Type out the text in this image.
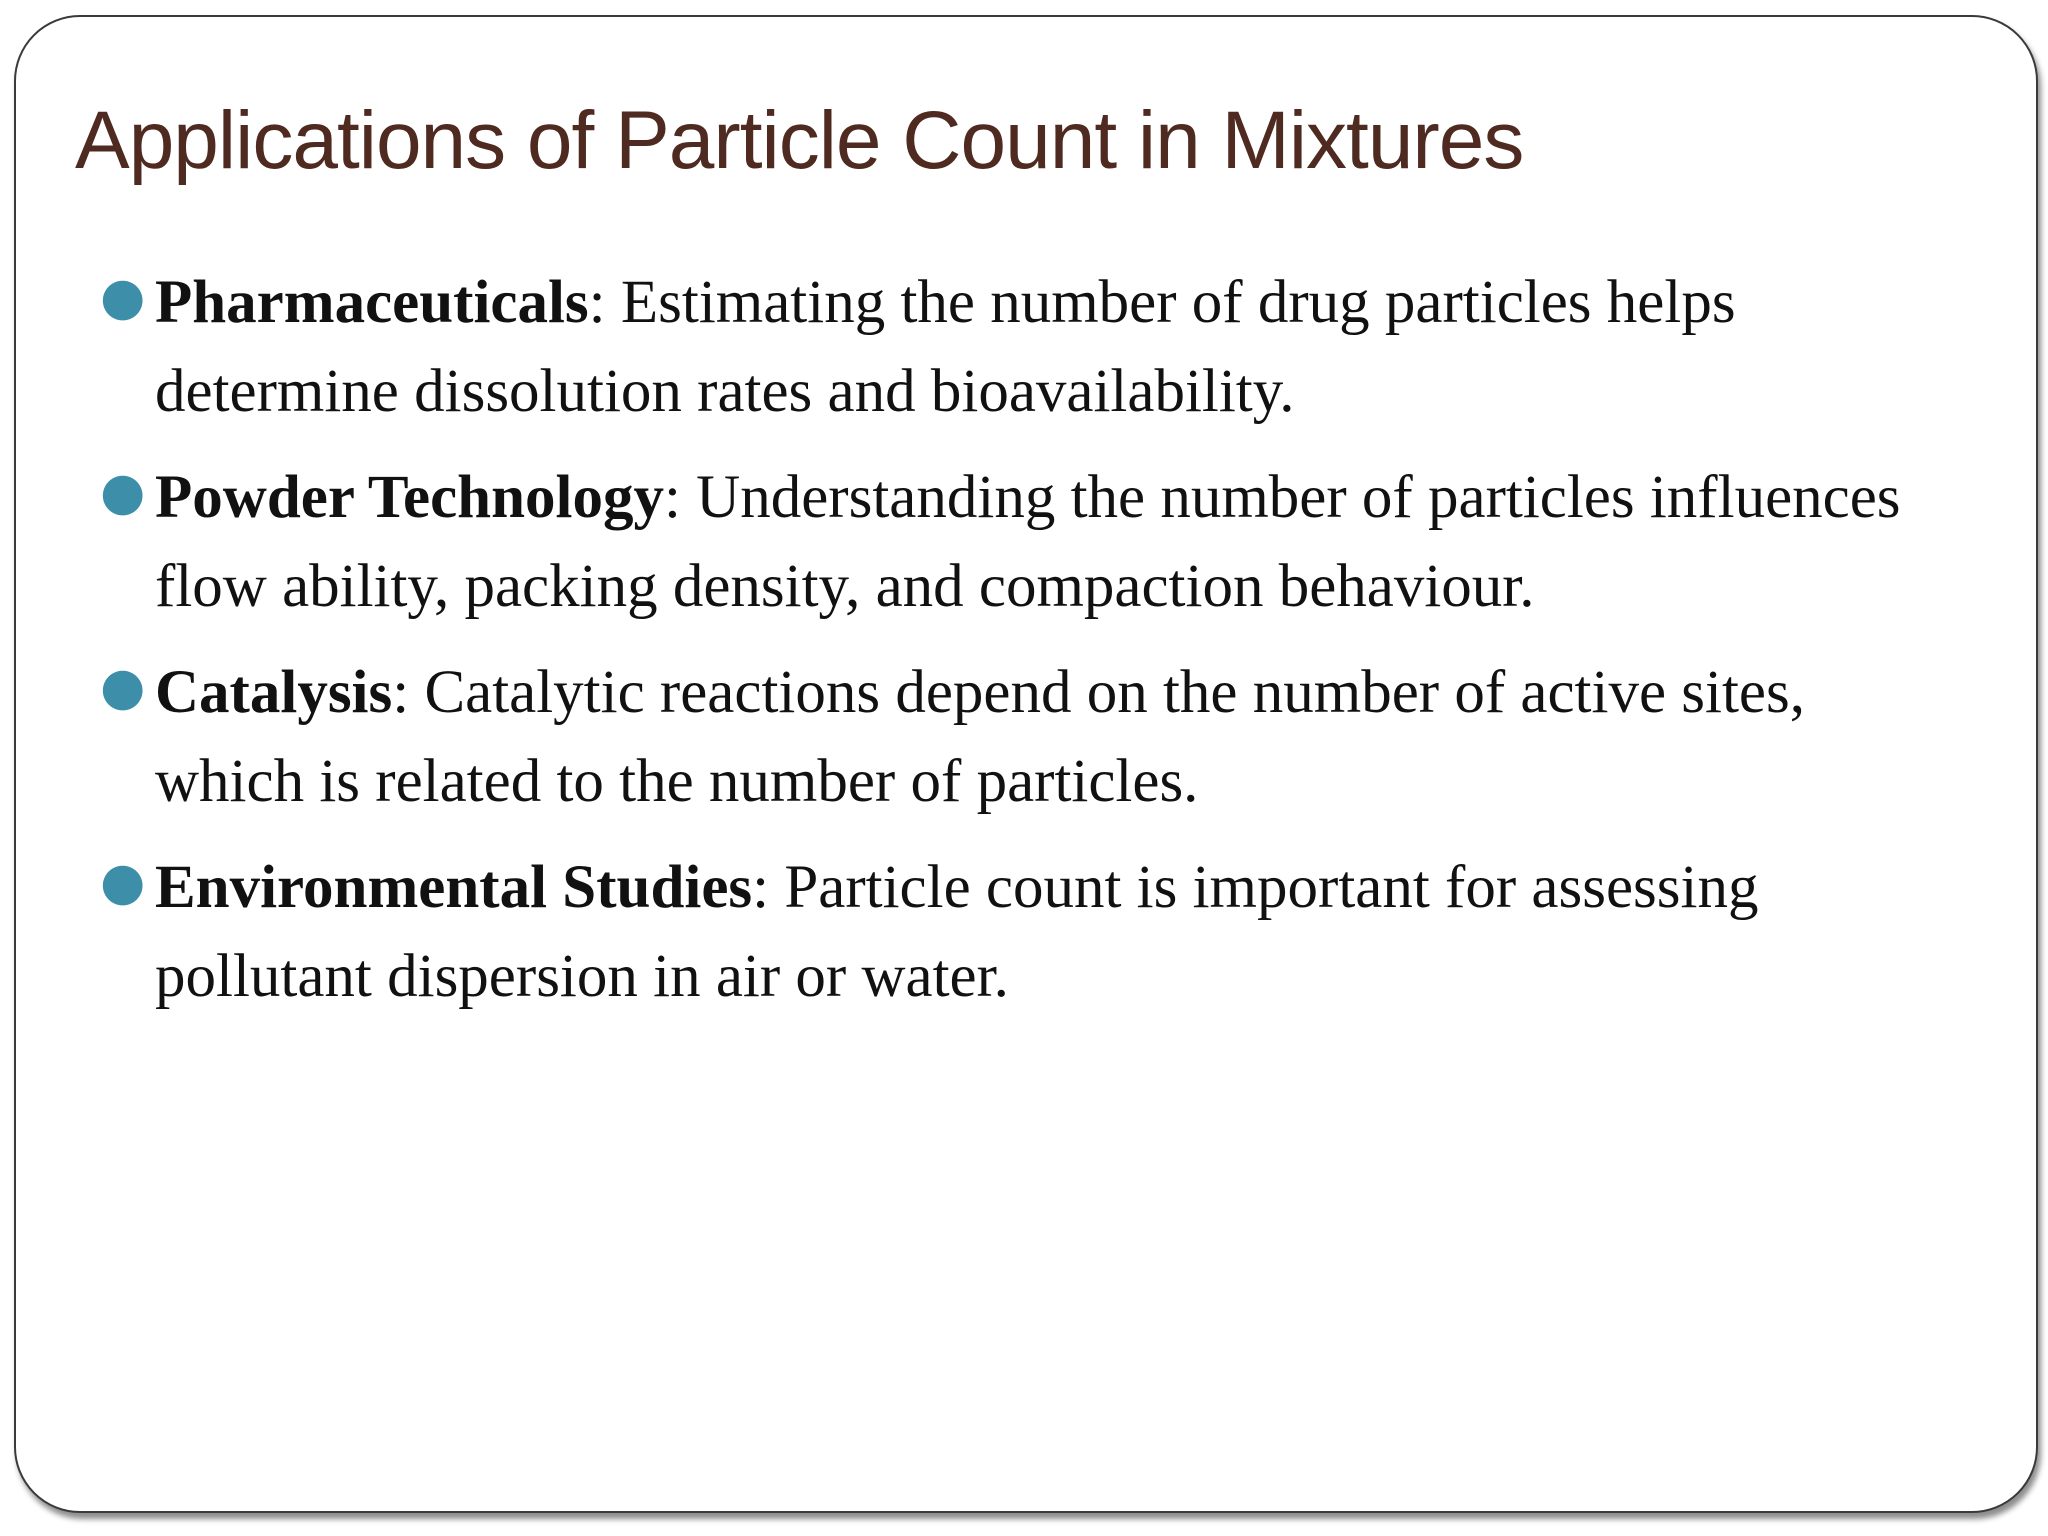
Applications of Particle Count in Mixtures
● Pharmaceuticals: Estimating the number of drug particles helps determine dissolution rates and bioavailability.
● Powder Technology: Understanding the number of particles influences flow ability, packing density, and compaction behaviour.
● Catalysis: Catalytic reactions depend on the number of active sites, which is related to the number of particles.
● Environmental Studies: Particle count is important for assessing pollutant dispersion in air or water.
